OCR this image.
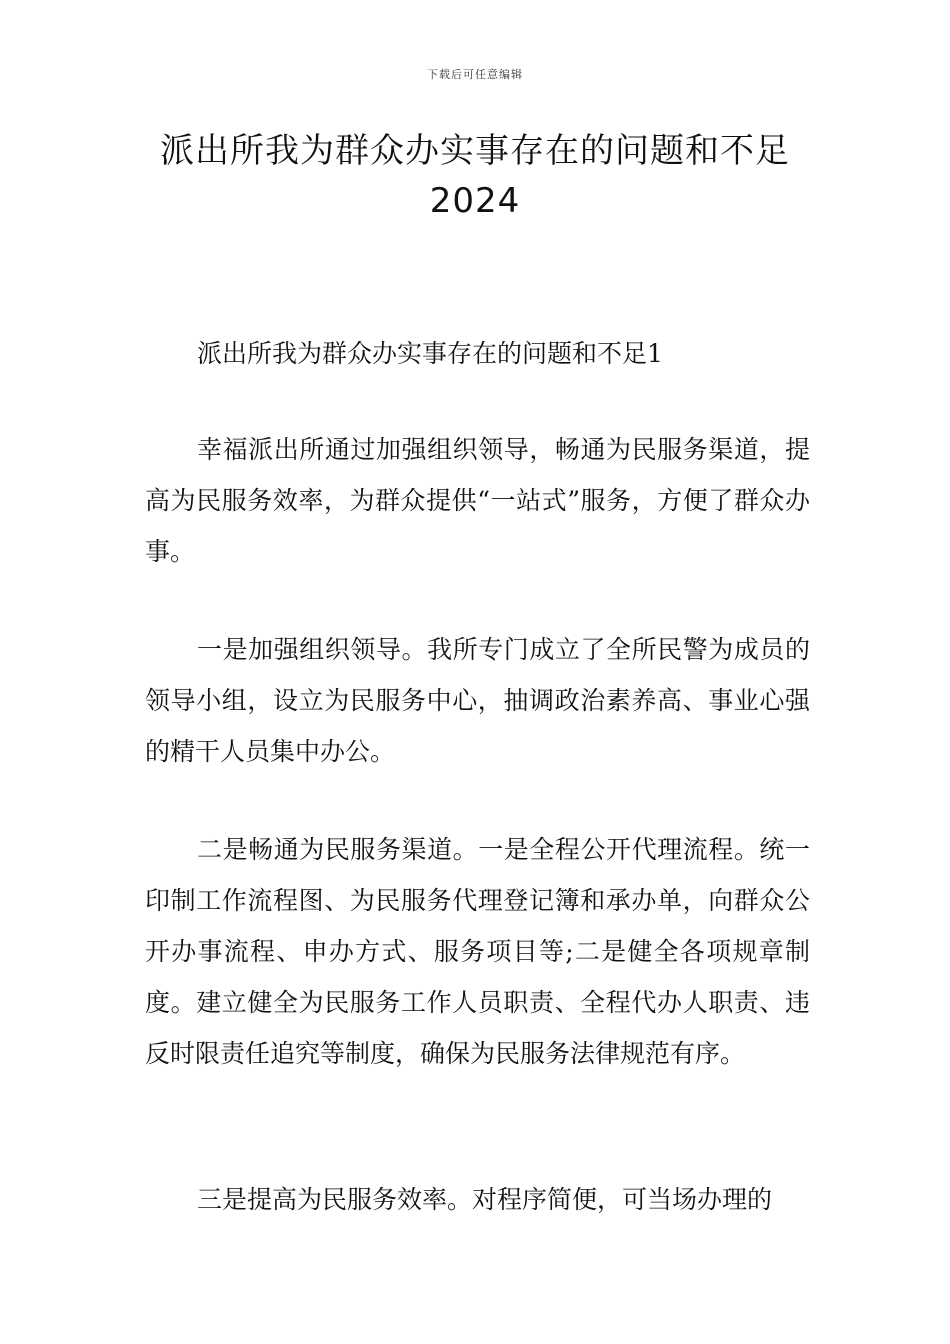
下载后可任意编辑
派出所我为群众办实事存在的问题和不足
2024

派出所我为群众办实事存在的问题和不足1

幸福派出所通过加强组织领导，畅通为民服务渠道，提高为民服务效率，为群众提供“一站式”服务，方便了群众办事。

一是加强组织领导。我所专门成立了全所民警为成员的领导小组，设立为民服务中心，抽调政治素养高、事业心强的精干人员集中办公。

二是畅通为民服务渠道。一是全程公开代理流程。统一印制工作流程图、为民服务代理登记簿和承办单，向群众公开办事流程、申办方式、服务项目等;二是健全各项规章制度。建立健全为民服务工作人员职责、全程代办人职责、违反时限责任追究等制度，确保为民服务法律规范有序。

三是提高为民服务效率。对程序简便，可当场办理的
